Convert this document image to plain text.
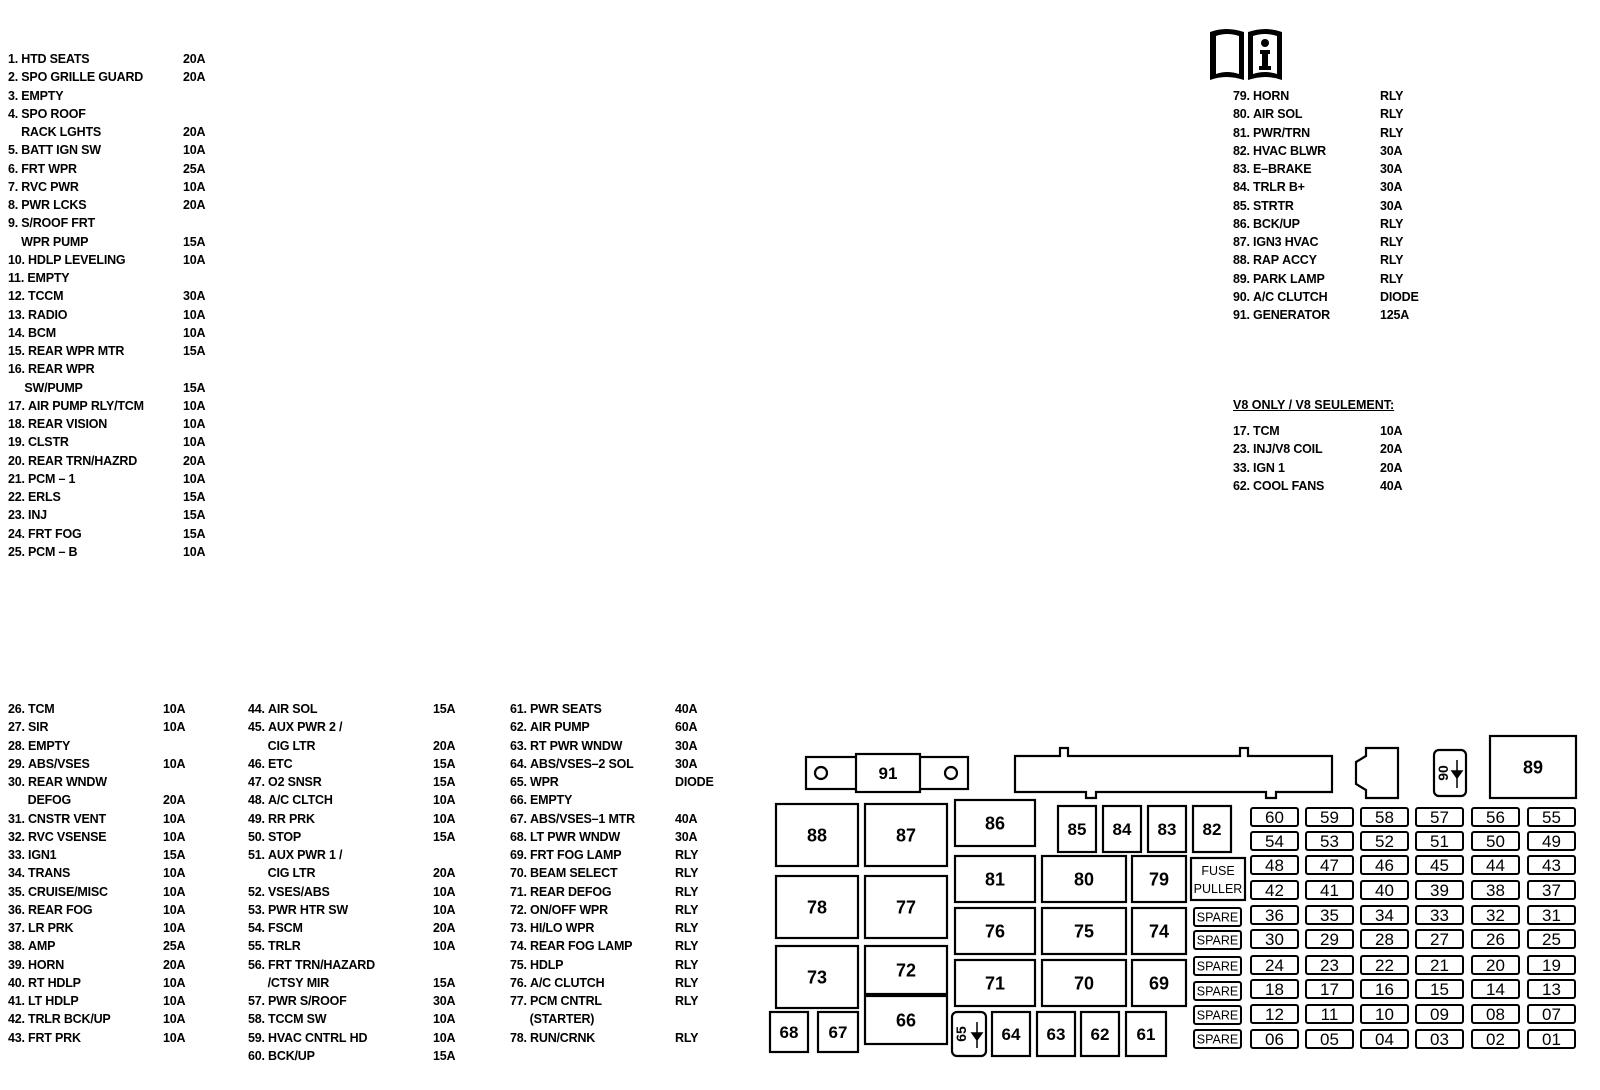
1. HTD SEATS	20A
2. SPO GRILLE GUARD	20A
3. EMPTY
4. SPO ROOF
RACK LGHTS	20A
5. BATT IGN SW	10A
6. FRT WPR	25A
7. RVC PWR	10A
8. PWR LCKS	20A
9. S/ROOF FRT
WPR PUMP	15A
10. HDLP LEVELING	10A
11. EMPTY
12. TCCM	30A
13. RADIO	10A
14. BCM	10A
15. REAR WPR MTR	15A
16. REAR WPR
SW/PUMP	15A
17. AIR PUMP RLY/TCM	10A
18. REAR VISION	10A
19. CLSTR	10A
20. REAR TRN/HAZRD	20A
21. PCM – 1	10A
22. ERLS	15A
23. INJ	15A
24. FRT FOG	15A
25. PCM – B	10A
79. HORN	RLY
80. AIR SOL	RLY
81. PWR/TRN	RLY
82. HVAC BLWR	30A
83. E–BRAKE	30A
84. TRLR B+	30A
85. STRTR	30A
86. BCK/UP	RLY
87. IGN3 HVAC	RLY
88. RAP ACCY	RLY
89. PARK LAMP	RLY
90. A/C CLUTCH	DIODE
91. GENERATOR	125A
V8 ONLY / V8 SEULEMENT:
17. TCM	10A
23. INJ/V8 COIL	20A
33. IGN 1	20A
62. COOL FANS	40A
26. TCM	10A
27. SIR	10A
28. EMPTY
29. ABS/VSES	10A
30. REAR WNDW
DEFOG	20A
31. CNSTR VENT	10A
32. RVC VSENSE	10A
33. IGN1	15A
34. TRANS	10A
35. CRUISE/MISC	10A
36. REAR FOG	10A
37. LR PRK	10A
38. AMP	25A
39. HORN	20A
40. RT HDLP	10A
41. LT HDLP	10A
42. TRLR BCK/UP	10A
43. FRT PRK	10A
44. AIR SOL	15A
45. AUX PWR 2 /
CIG LTR	20A
46. ETC	15A
47. O2 SNSR	15A
48. A/C CLTCH	10A
49. RR PRK	10A
50. STOP	15A
51. AUX PWR 1 /
CIG LTR	20A
52. VSES/ABS	10A
53. PWR HTR SW	10A
54. FSCM	20A
55. TRLR	10A
56. FRT TRN/HAZARD
/CTSY MIR	15A
57. PWR S/ROOF	30A
58. TCCM SW	10A
59. HVAC CNTRL HD	10A
60. BCK/UP	15A
61. PWR SEATS	40A
62. AIR PUMP	60A
63. RT PWR WNDW	30A
64. ABS/VSES–2 SOL	30A
65. WPR	DIODE
66. EMPTY
67. ABS/VSES–1 MTR	40A
68. LT PWR WNDW	30A
69. FRT FOG LAMP	RLY
70. BEAM SELECT	RLY
71. REAR DEFOG	RLY
72. ON/OFF WPR	RLY
73. HI/LO WPR	RLY
74. REAR FOG LAMP	RLY
75. HDLP	RLY
76. A/C CLUTCH	RLY
77. PCM CNTRL	RLY
(STARTER)
78. RUN/CRNK	RLY
91	90	89
88	87
78	77
73	72
66
86
81	80	79
76	75	74
71	70	69
85 84 83 82
68 67	64 63 62 61
65
FUSE
PULLER
SPARE
SPARE
SPARE
SPARE
SPARE
SPARE
60 59 58 57 56 55
54 53 52 51 50 49
48 47 46 45 44 43
42 41 40 39 38 37
36 35 34 33 32 31
30 29 28 27 26 25
24 23 22 21 20 19
18 17 16 15 14 13
12 11 10 09 08 07
06 05 04 03 02 01
